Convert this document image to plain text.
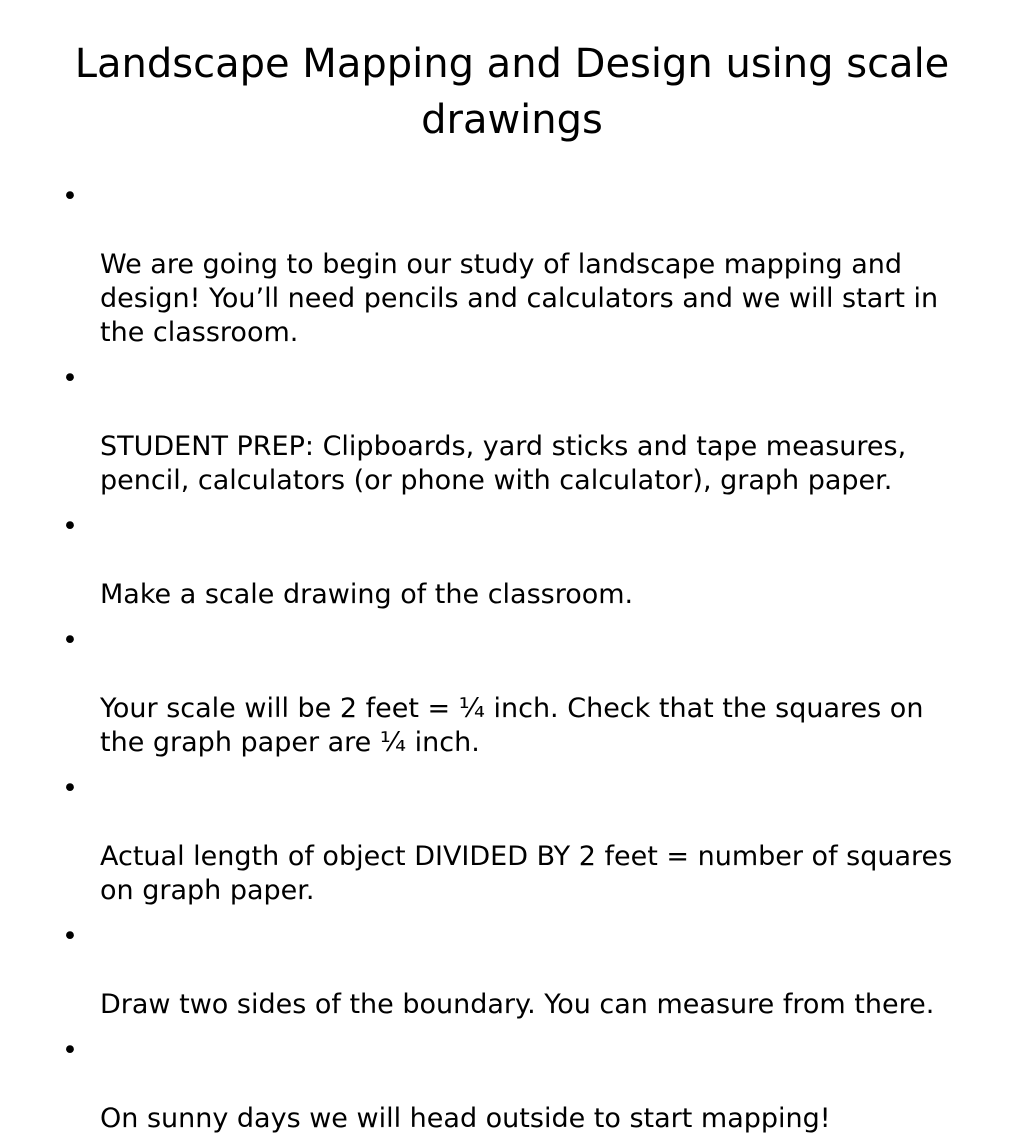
Landscape Mapping and Design using scale drawings

•

We are going to begin our study of landscape mapping and design! You’ll need pencils and calculators and we will start in the classroom.

•

STUDENT PREP: Clipboards, yard sticks and tape measures, pencil, calculators (or phone with calculator), graph paper.

•

Make a scale drawing of the classroom.

•

Your scale will be 2 feet = ¼ inch. Check that the squares on the graph paper are ¼ inch.

•

Actual length of object DIVIDED BY 2 feet = number of squares on graph paper.

•

Draw two sides of the boundary. You can measure from there.

•

On sunny days we will head outside to start mapping!
